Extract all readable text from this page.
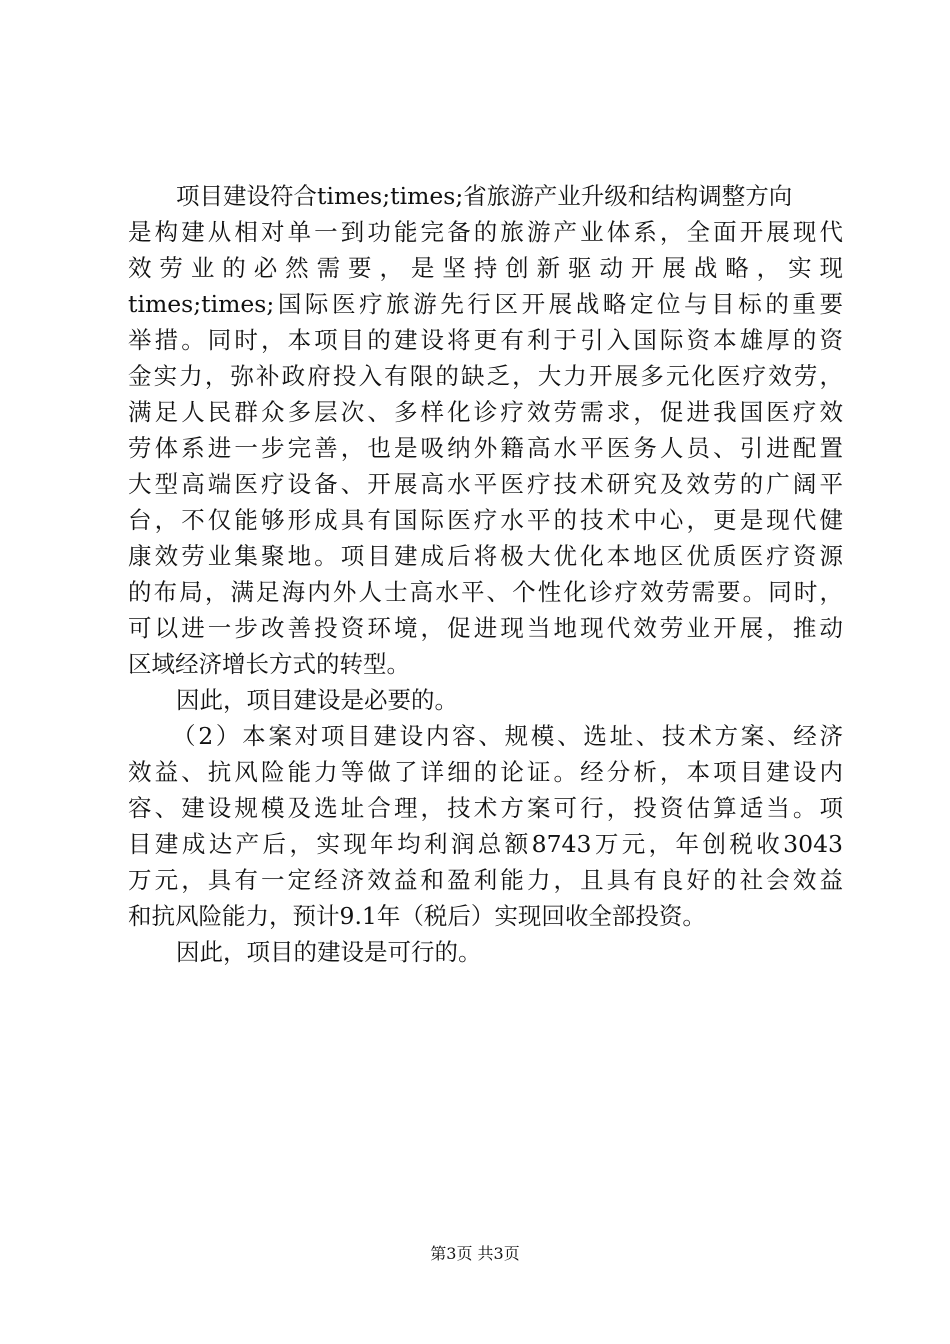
项目建设符合times;times;省旅游产业升级和结构调整方向
是构建从相对单一到功能完备的旅游产业体系，全面开展现代
效劳业的必然需要，是坚持创新驱动开展战略，实现
times;times;国际医疗旅游先行区开展战略定位与目标的重要
举措。同时，本项目的建设将更有利于引入国际资本雄厚的资
金实力，弥补政府投入有限的缺乏，大力开展多元化医疗效劳，
满足人民群众多层次、多样化诊疗效劳需求，促进我国医疗效
劳体系进一步完善，也是吸纳外籍高水平医务人员、引进配置
大型高端医疗设备、开展高水平医疗技术研究及效劳的广阔平
台，不仅能够形成具有国际医疗水平的技术中心，更是现代健
康效劳业集聚地。项目建成后将极大优化本地区优质医疗资源
的布局，满足海内外人士高水平、个性化诊疗效劳需要。同时，
可以进一步改善投资环境，促进现当地现代效劳业开展，推动
区域经济增长方式的转型。
因此，项目建设是必要的。
（2）本案对项目建设内容、规模、选址、技术方案、经济
效益、抗风险能力等做了详细的论证。经分析，本项目建设内
容、建设规模及选址合理，技术方案可行，投资估算适当。项
目建成达产后，实现年均利润总额8743万元，年创税收3043
万元，具有一定经济效益和盈利能力，且具有良好的社会效益
和抗风险能力，预计9.1年（税后）实现回收全部投资。
因此，项目的建设是可行的。
第3页 共3页
